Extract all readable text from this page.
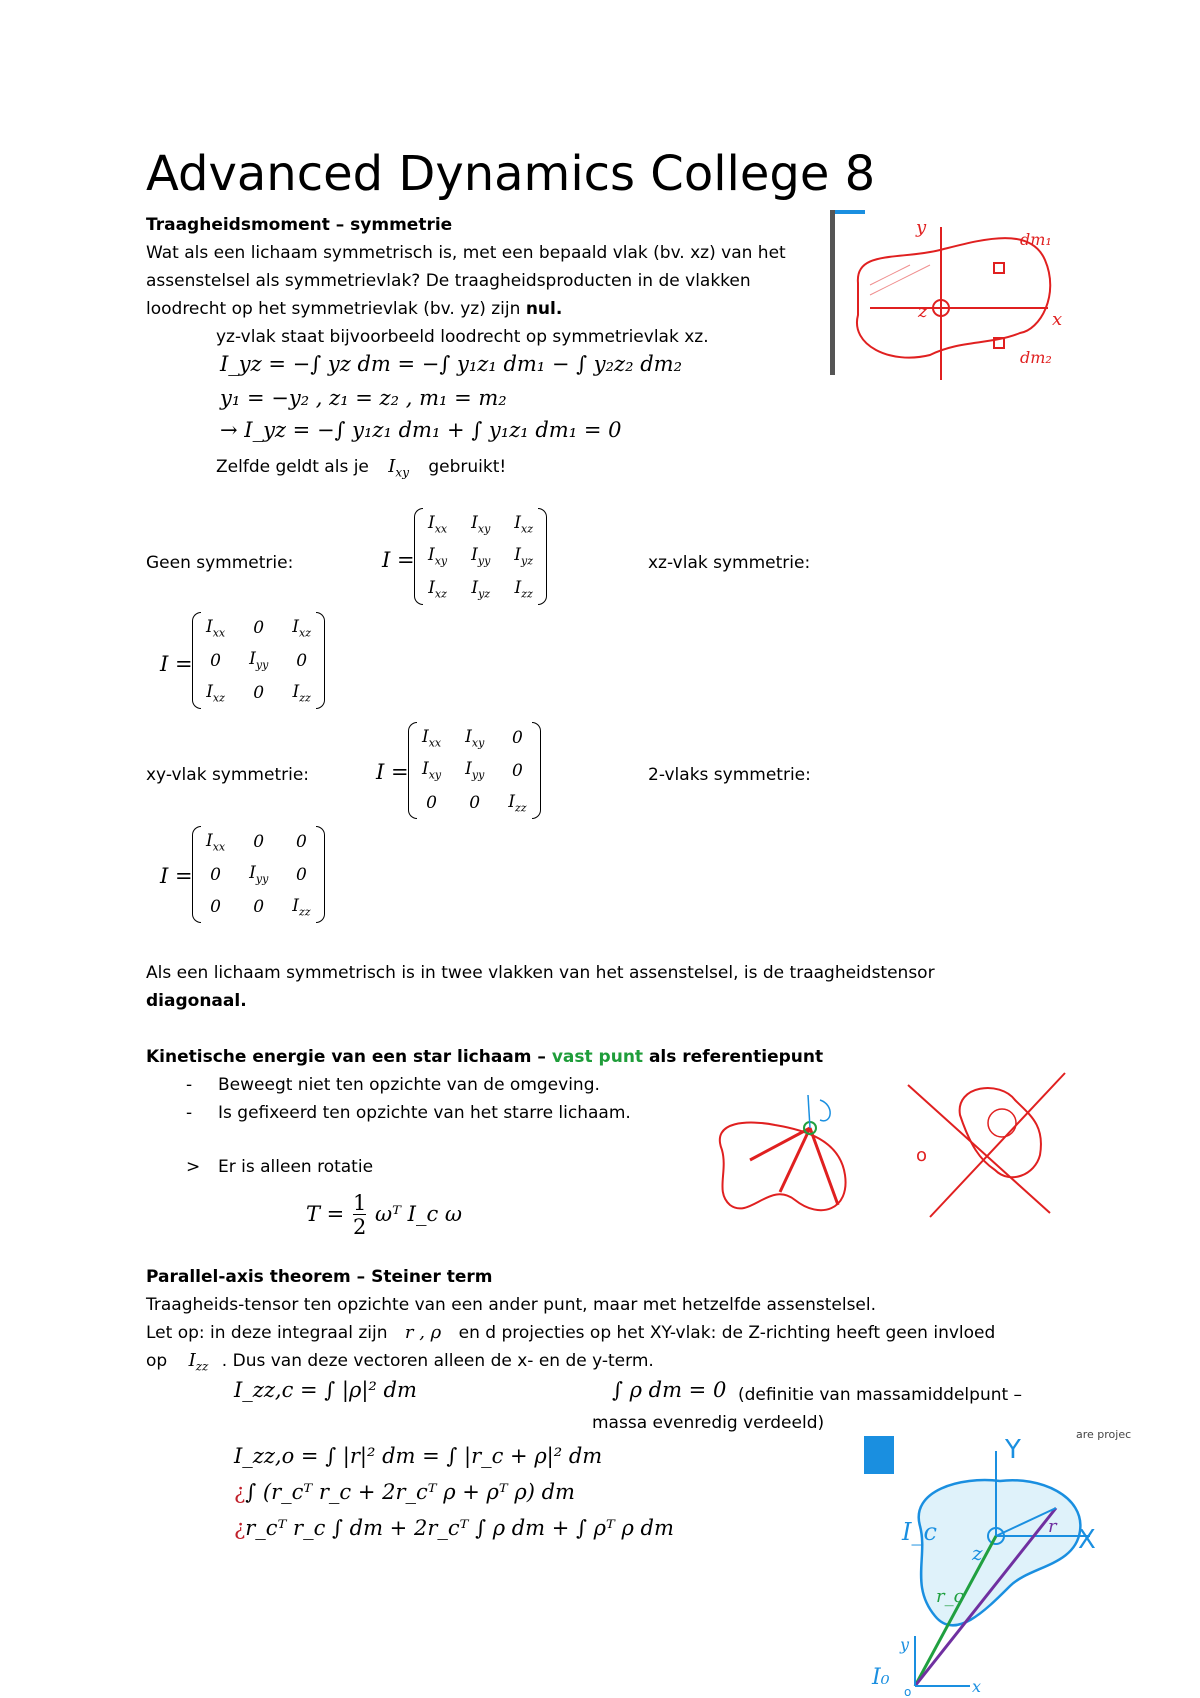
Advanced Dynamics College 8
Traagheidsmoment – symmetrie
Wat als een lichaam symmetrisch is, met een bepaald vlak (bv. xz) van het
assenstelsel als symmetrievlak? De traagheidsproducten in de vlakken
loodrecht op het symmetrievlak (bv. yz) zijn nul.
yz-vlak staat bijvoorbeeld loodrecht op symmetrievlak xz.
I_yz = −∫ yz dm = −∫ y₁z₁ dm₁ − ∫ y₂z₂ dm₂
y₁ = −y₂ , z₁ = z₂ , m₁ = m₂
→ I_yz = −∫ y₁z₁ dm₁ + ∫ y₁z₁ dm₁ = 0
Zelfde geldt als je $I_{xy}$ gebruikt!
y
x
z
dm₁
dm₂
Geen symmetrie:	I =
$I_{xx}$	$I_{xy}$	$I_{xz}$
$I_{xy}$	$I_{yy}$	$I_{yz}$
$I_{xz}$	$I_{yz}$	$I_{zz}$
xz-vlak symmetrie:
I =
$I_{xx}$	0	$I_{xz}$
0	$I_{yy}$	0
$I_{xz}$	0	$I_{zz}$
xy-vlak symmetrie:	I =
$I_{xx}$	$I_{xy}$	0
$I_{xy}$	$I_{yy}$	0
0	0	$I_{zz}$
2-vlaks symmetrie:
I =
$I_{xx}$	0	0
0	$I_{yy}$	0
0	0	$I_{zz}$
Als een lichaam symmetrisch is in twee vlakken van het assenstelsel, is de traagheidstensor
diagonaal.
Kinetische energie van een star lichaam – vast punt als referentiepunt
- Beweegt niet ten opzichte van de omgeving.
- Is gefixeerd ten opzichte van het starre lichaam.
> Er is alleen rotatie
$T = \frac{1}{2}$ ωᵀ I_c ω
o
Parallel-axis theorem – Steiner term
Traagheids-tensor ten opzichte van een ander punt, maar met hetzelfde assenstelsel.
Let op: in deze integraal zijn r , ρ en d projecties op het XY-vlak: de Z-richting heeft geen invloed
op $I_{zz}$ . Dus van deze vectoren alleen de x- en de y-term.
I_zz,c = ∫ |ρ|² dm	∫ ρ dm = 0 (definitie van massamiddelpunt –
massa evenredig verdeeld)
I_zz,o = ∫ |r|² dm = ∫ |r_c + ρ|² dm
¿∫ (r_cᵀ r_c + 2r_cᵀ ρ + ρᵀ ρ) dm
¿r_cᵀ r_c ∫ dm + 2r_cᵀ ∫ ρ dm + ∫ ρᵀ ρ dm
are projec
Y
X
I_c
I₀	x
y
z
r_c
r
o
